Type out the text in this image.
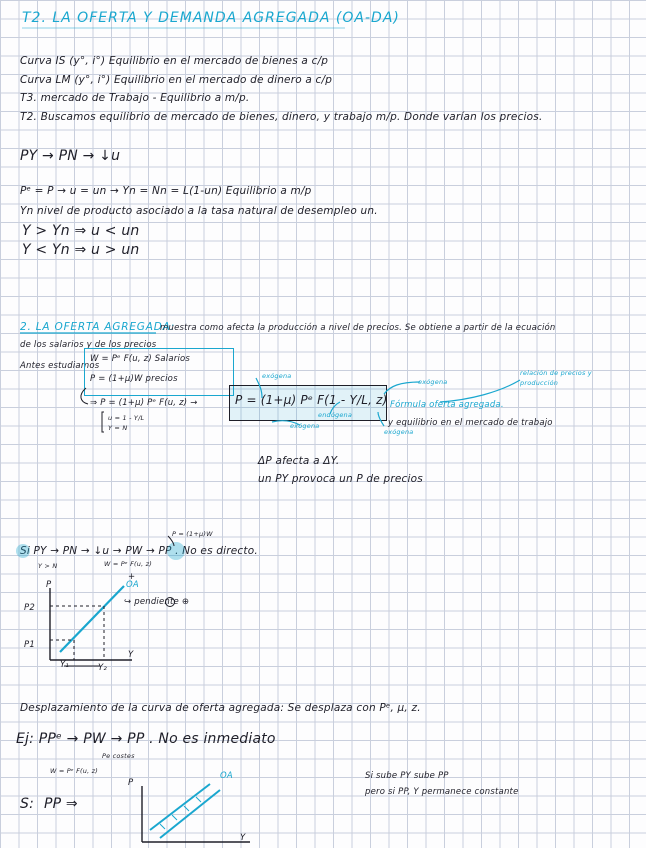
T2. LA OFERTA Y DEMANDA AGREGADA (OA-DA)
Curva IS (y°, i°) Equilibrio en el mercado de bienes a c/p
Curva LM (y°, i°) Equilibrio en el mercado de dinero a c/p
T3. mercado de Trabajo - Equilibrio a m/p.
T2. Buscamos equilibrio de mercado de bienes, dinero, y trabajo m/p. Donde varían los precios.
PY → PN → ↓u
Pᵉ = P → u = un → Yn = Nn = L(1-un) Equilibrio a m/p
Yn nivel de producto asociado a la tasa natural de desempleo un.
Y > Yn ⇒ u < un
Y < Yn ⇒ u > un
2. LA OFERTA AGREGADA:
muestra como afecta la producción a nivel de precios. Se obtiene a partir de la ecuación
de los salarios y de los precios
Antes estudiamos
W = Pᵉ F(u, z) Salarios
P = (1+μ)W precios
⇒ P = (1+μ) Pᵉ F(u, z) →
u = 1 - Y/L
Y = N
P = (1+μ) Pᵉ F(1 - Y/L, z)
exógena
endógena
exógena
exógena
exógena
relación de precios y producción
Fórmula oferta agregada.
y equilibrio en el mercado de trabajo
ΔP afecta a ΔY.
un PY provoca un P de precios
P = (1+μ)W
Si PY → PN → ↓u → PW → PP . No es directo.
Y > N	W = Pᵉ F(u, z)
+
OA
↪ pendiente ⊕
P2
P1
P
Y
Y₁	Y₂
Desplazamiento de la curva de oferta agregada: Se desplaza con Pᵉ, μ, z.
Ej: PPᵉ → PW → PP . No es inmediato
W = Pᵉ F(u, z)
Pe costes
S: PP ⇒
P
Y
OA	Si sube PY sube PP
pero si PP, Y permanece constante
